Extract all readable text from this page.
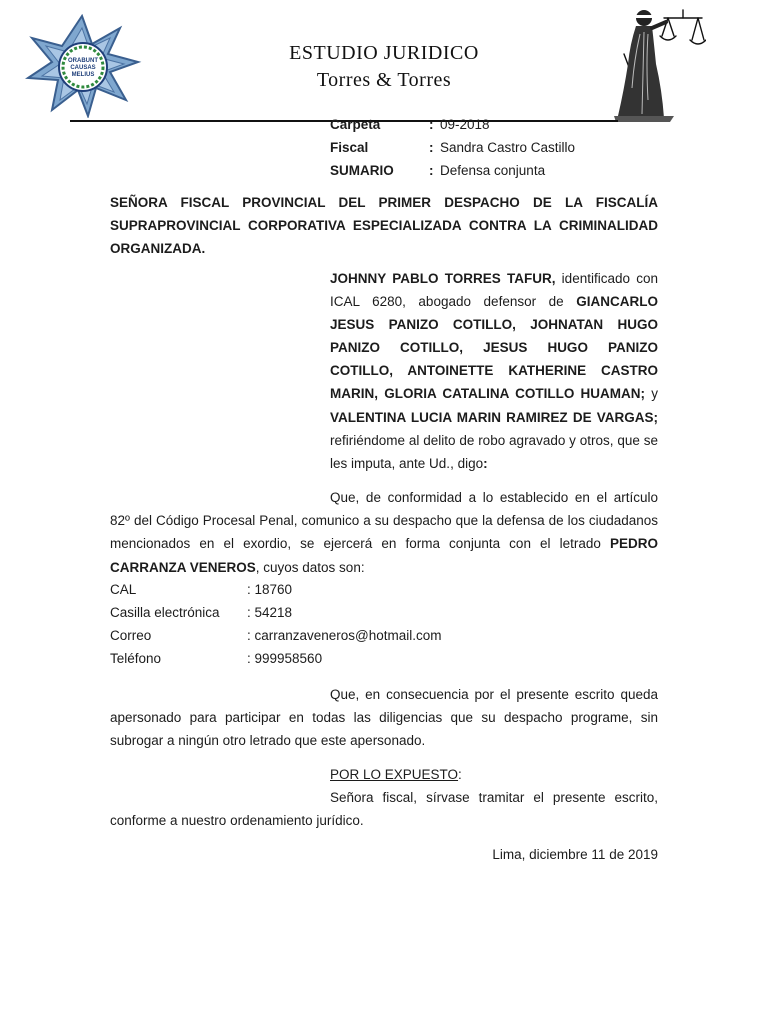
ORABUNT
CAUSAS
MELIUS
ESTUDIO JURIDICO
Torres & Torres
Carpeta	: 09-2018
Fiscal	: Sandra Castro Castillo
SUMARIO	: Defensa conjunta
SEÑORA FISCAL PROVINCIAL DEL PRIMER DESPACHO DE LA FISCALÍA SUPRAPROVINCIAL CORPORATIVA ESPECIALIZADA CONTRA LA CRIMINALIDAD ORGANIZADA.
JOHNNY PABLO TORRES TAFUR, identificado con ICAL 6280, abogado defensor de GIANCARLO JESUS PANIZO COTILLO, JOHNATAN HUGO PANIZO COTILLO, JESUS HUGO PANIZO COTILLO, ANTOINETTE KATHERINE CASTRO MARIN, GLORIA CATALINA COTILLO HUAMAN; y VALENTINA LUCIA MARIN RAMIREZ DE VARGAS; refiriéndome al delito de robo agravado y otros, que se les imputa, ante Ud., digo:
Que, de conformidad a lo establecido en el artículo 82º del Código Procesal Penal, comunico a su despacho que la defensa de los ciudadanos mencionados en el exordio, se ejercerá en forma conjunta con el letrado PEDRO CARRANZA VENEROS, cuyos datos son:
CAL	: 18760
Casilla electrónica : 54218
Correo	: carranzaveneros@hotmail.com
Teléfono	: 999958560
Que, en consecuencia por el presente escrito queda apersonado para participar en todas las diligencias que su despacho programe, sin subrogar a ningún otro letrado que este apersonado.
POR LO EXPUESTO:
Señora fiscal, sírvase tramitar el presente escrito, conforme a nuestro ordenamiento jurídico.
Lima, diciembre 11 de 2019
